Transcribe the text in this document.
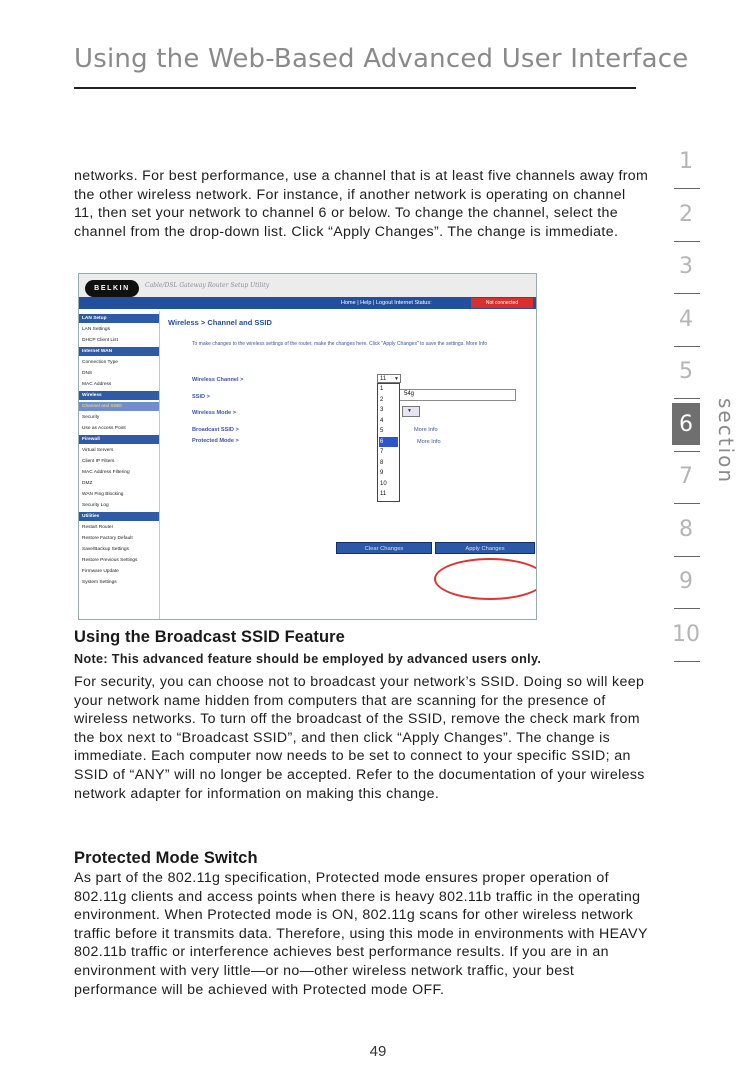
Using the Web-Based Advanced User Interface
networks. For best performance, use a channel that is at least five channels away from the other wireless network. For instance, if another network is operating on channel 11, then set your network to channel 6 or below. To change the channel, select the channel from the drop-down list. Click “Apply Changes”. The change is immediate.
BELKIN	Cable/DSL Gateway Router Setup Utility
Home | Help | Logout Internet Status:	Not connected
LAN Setup
LAN Settings
DHCP Client List
Internet WAN
Connection Type
DNS
MAC Address
Wireless
Channel and SSID
Security
Use as Access Point
Firewall
Virtual Servers
Client IP Filters
MAC Address Filtering
DMZ
WAN Ping Blocking
Security Log
Utilities
Restart Router
Restore Factory Default
Save/Backup Settings
Restore Previous Settings
Firmware Update
System Settings
Wireless > Channel and SSID
To make changes to the wireless settings of the router, make the changes here. Click "Apply Changes" to save the settings. More Info
Wireless Channel >	11 ▼
SSID >	54g
Wireless Mode >	▼
Broadcast SSID >	More Info
Protected Mode >	More Info
1
2
3
4
5
6
7
8
9
10
11
Clear Changes	Apply Changes
Using the Broadcast SSID Feature
Note: This advanced feature should be employed by advanced users only.
For security, you can choose not to broadcast your network’s SSID. Doing so will keep your network name hidden from computers that are scanning for the presence of wireless networks. To turn off the broadcast of the SSID, remove the check mark from the box next to “Broadcast SSID”, and then click “Apply Changes”. The change is immediate. Each computer now needs to be set to connect to your specific SSID; an SSID of “ANY” will no longer be accepted. Refer to the documentation of your wireless network adapter for information on making this change.
Protected Mode Switch
As part of the 802.11g specification, Protected mode ensures proper operation of 802.11g clients and access points when there is heavy 802.11b traffic in the operating environment. When Protected mode is ON, 802.11g scans for other wireless network traffic before it transmits data. Therefore, using this mode in environments with HEAVY 802.11b traffic or interference achieves best performance results. If you are in an environment with very little—or no—other wireless network traffic, your best performance will be achieved with Protected mode OFF.
49
1
2
3
4
5
6
7
8
9
10
section
